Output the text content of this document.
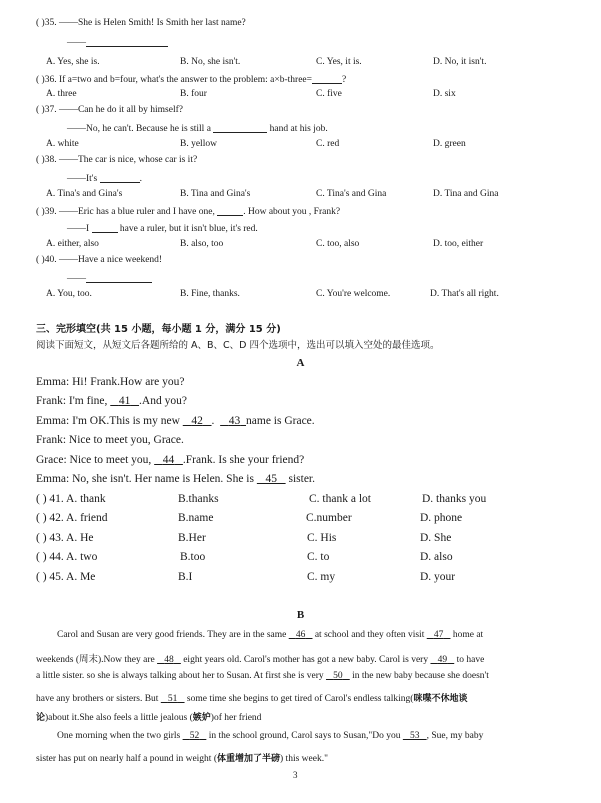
( )35. ——She is Helen Smith! Is Smith her last name?
——
A. Yes, she is.	B. No, she isn't.	C. Yes, it is.	D. No, it isn't.
( )36. If a=two and b=four, what's the answer to the problem: a×b-three=	?
A. three	B. four	C. five	D. six
( )37. ——Can he do it all by himself?
——No, he can't. Because he is still a	hand at his job.
A. white	B. yellow	C. red	D. green
( )38. ——The car is nice, whose car is it?
——It's	.
A. Tina's and Gina's	B. Tina and Gina's	C. Tina's and Gina	D. Tina and Gina
( )39. ——Eric has a blue ruler and I have one,	. How about you , Frank?
——I	have a ruler, but it isn't blue, it's red.
A. either, also	B. also, too	C. too, also	D. too, either
( )40. ——Have a nice weekend!
——
A. You, too.	B. Fine, thanks.	C. You're welcome.	D. That's all right.
三、完形填空(共 15 小题，每小题 1 分，满分 15 分)
阅读下面短文，从短文后各题所给的 A、B、C、D 四个选项中，选出可以填入空处的最佳选项。
A
Emma: Hi! Frank.How are you?
Frank: I'm fine, 41 .And you?
Emma: I'm OK.This is my new 42 . 43 name is Grace.
Frank: Nice to meet you, Grace.
Grace: Nice to meet you, 44 .Frank. Is she your friend?
Emma: No, she isn't. Her name is Helen. She is 45 sister.
( ) 41. A. thank	B.thanks	C. thank a lot	D. thanks you
( ) 42. A. friend	B.name	C.number	D. phone
( ) 43. A. He	B.Her	C. His	D. She
( ) 44. A. two	B.too	C. to	D. also
( ) 45. A. Me	B.I	C. my	D. your
B
Carol and Susan are very good friends. They are in the same 46 at school and they often visit 47 home at
weekends (周末).Now they are 48 eight years old. Carol's mother has got a new baby. Carol is very 49 to have
a little sister. so she is always talking about her to Susan. At first she is very 50 in the new baby because she doesn't
have any brothers or sisters. But 51 some time she begins to get tired of Carol's endless talking(咪喋不休地谈
论)about it.She also feels a little jealous (嫉妒)of her friend
One morning when the two girls 52 in the school ground, Carol says to Susan,"Do you 53 , Sue, my baby
sister has put on nearly half a pound in weight (体重增加了半磅) this week."
3
